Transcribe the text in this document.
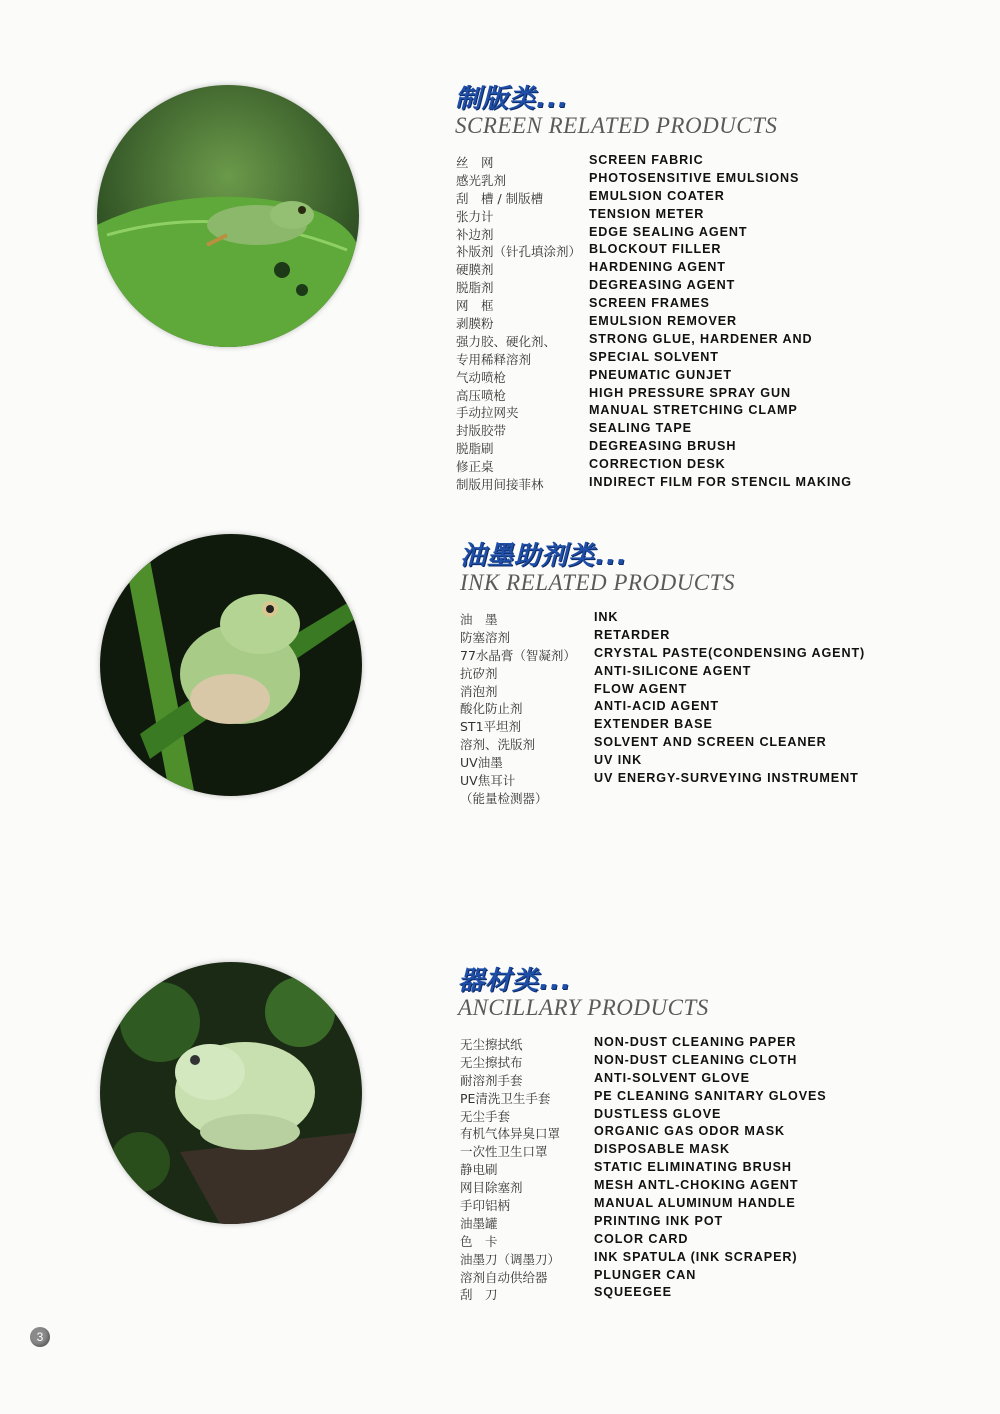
制版类...
SCREEN RELATED PRODUCTS
丝　网	SCREEN FABRIC
感光乳剂	PHOTOSENSITIVE EMULSIONS
刮　槽 / 制版槽	EMULSION COATER
张力计	TENSION METER
补边剂	EDGE SEALING AGENT
补版剂（针孔填涂剂） BLOCKOUT FILLER
硬膜剂	HARDENING AGENT
脱脂剂	DEGREASING AGENT
网　框	SCREEN FRAMES
剥膜粉	EMULSION REMOVER
强力胶、硬化剂、	STRONG GLUE, HARDENER AND
专用稀释溶剂	SPECIAL SOLVENT
气动喷枪	PNEUMATIC GUNJET
高压喷枪	HIGH PRESSURE SPRAY GUN
手动拉网夹	MANUAL STRETCHING CLAMP
封版胶带	SEALING TAPE
脱脂刷	DEGREASING BRUSH
修正桌	CORRECTION DESK
制版用间接菲林	INDIRECT FILM FOR STENCIL MAKING
油墨助剂类...
INK RELATED PRODUCTS
油　墨	INK
防塞溶剂	RETARDER
77水晶膏（智凝剂） CRYSTAL PASTE(CONDENSING AGENT)
抗矽剂	ANTI-SILICONE AGENT
消泡剂	FLOW AGENT
酸化防止剂	ANTI-ACID AGENT
ST1平坦剂	EXTENDER BASE
溶剂、洗版剂	SOLVENT AND SCREEN CLEANER
UV油墨	UV INK
UV焦耳计	UV ENERGY-SURVEYING INSTRUMENT
（能量检测器）
器材类...
ANCILLARY PRODUCTS
无尘擦拭纸	NON-DUST CLEANING PAPER
无尘擦拭布	NON-DUST CLEANING CLOTH
耐溶剂手套	ANTI-SOLVENT GLOVE
PE清洗卫生手套	PE CLEANING SANITARY GLOVES
无尘手套	DUSTLESS GLOVE
有机气体异臭口罩	ORGANIC GAS ODOR MASK
一次性卫生口罩	DISPOSABLE MASK
静电刷	STATIC ELIMINATING BRUSH
网目除塞剂	MESH ANTL-CHOKING AGENT
手印铝柄	MANUAL ALUMINUM HANDLE
油墨罐	PRINTING INK POT
色　卡	COLOR CARD
油墨刀（调墨刀）	INK SPATULA (INK SCRAPER)
溶剂自动供给器	PLUNGER CAN
刮　刀	SQUEEGEE
3
